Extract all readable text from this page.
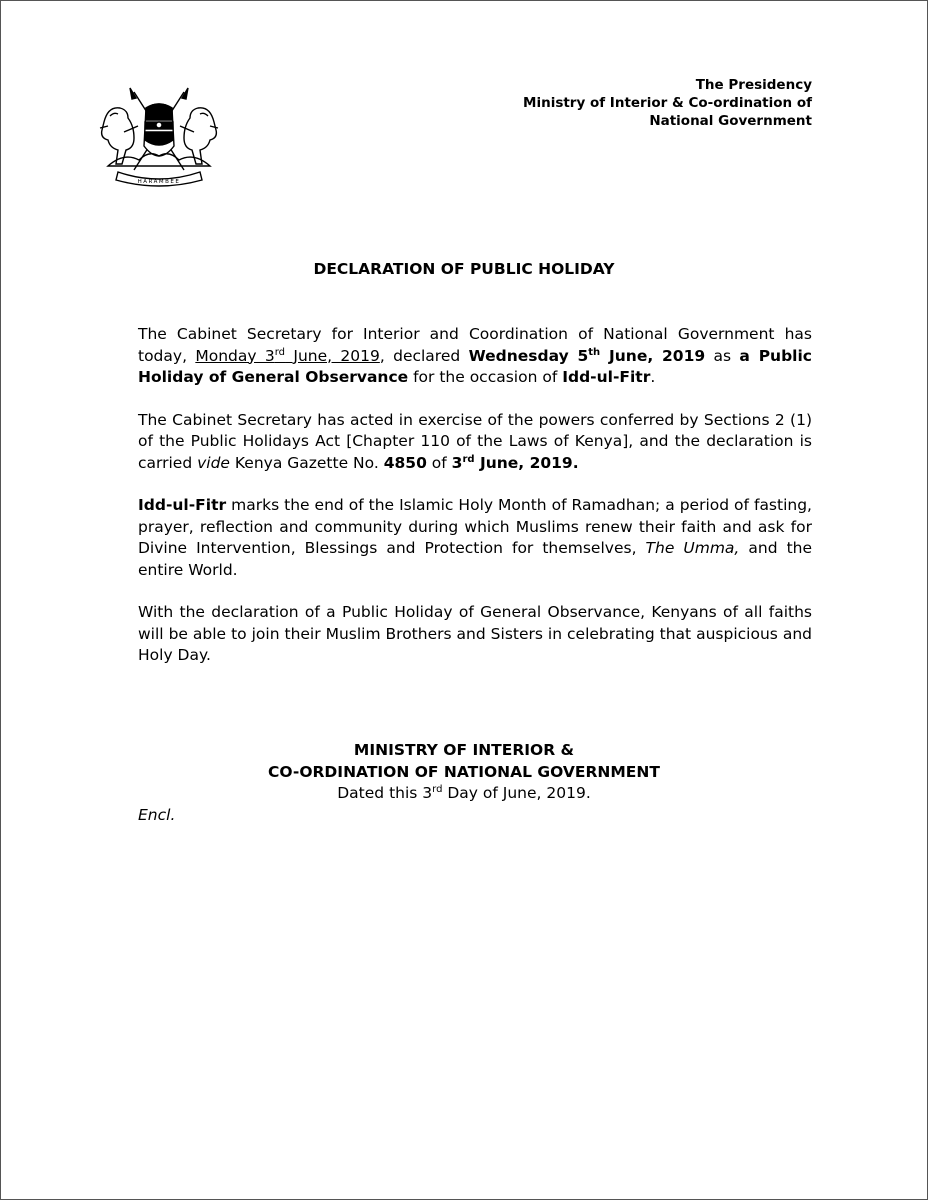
HARAMBEE
The Presidency
Ministry of Interior & Co-ordination of
National Government
DECLARATION OF PUBLIC HOLIDAY

The Cabinet Secretary for Interior and Coordination of National Government has today, Monday 3rd June, 2019, declared Wednesday 5th June, 2019 as a Public Holiday of General Observance for the occasion of Idd-ul-Fitr.

The Cabinet Secretary has acted in exercise of the powers conferred by Sections 2 (1) of the Public Holidays Act [Chapter 110 of the Laws of Kenya], and the declaration is carried vide Kenya Gazette No. 4850 of 3rd June, 2019.

Idd-ul-Fitr marks the end of the Islamic Holy Month of Ramadhan; a period of fasting, prayer, reflection and community during which Muslims renew their faith and ask for Divine Intervention, Blessings and Protection for themselves, The Umma, and the entire World.

With the declaration of a Public Holiday of General Observance, Kenyans of all faiths will be able to join their Muslim Brothers and Sisters in celebrating that auspicious and Holy Day.

MINISTRY OF INTERIOR &
CO-ORDINATION OF NATIONAL GOVERNMENT
Dated this 3rd Day of June, 2019.
Encl.
